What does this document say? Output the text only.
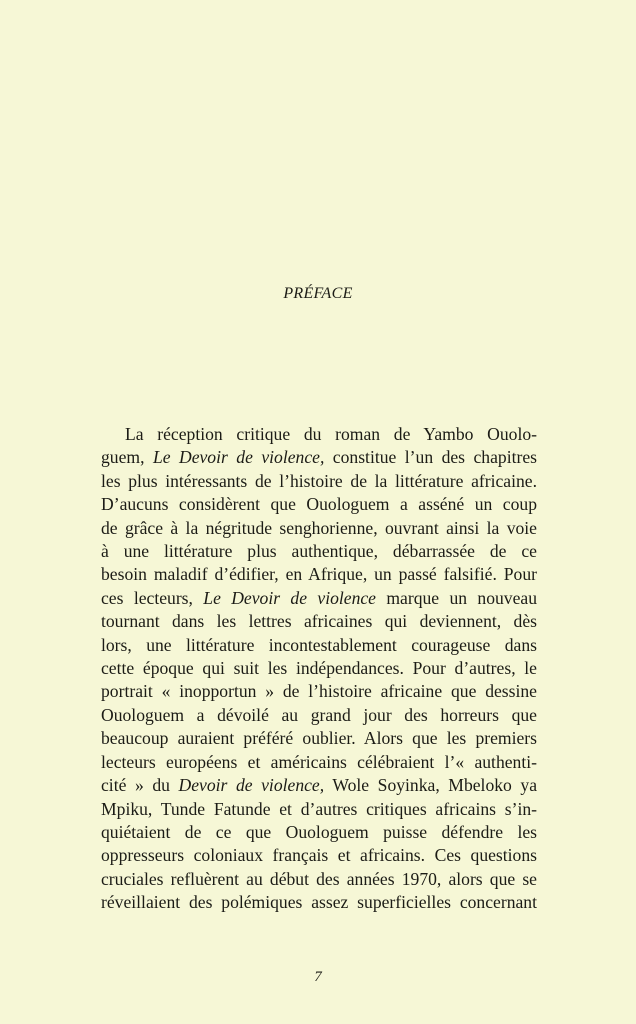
PRÉFACE
La réception critique du roman de Yambo Ouolo-
guem, Le Devoir de violence, constitue l’un des chapitres
les plus intéressants de l’histoire de la littérature africaine.
D’aucuns considèrent que Ouologuem a asséné un coup
de grâce à la négritude senghorienne, ouvrant ainsi la voie
à une littérature plus authentique, débarrassée de ce
besoin maladif d’édifier, en Afrique, un passé falsifié. Pour
ces lecteurs, Le Devoir de violence marque un nouveau
tournant dans les lettres africaines qui deviennent, dès
lors, une littérature incontestablement courageuse dans
cette époque qui suit les indépendances. Pour d’autres, le
portrait « inopportun » de l’histoire africaine que dessine
Ouologuem a dévoilé au grand jour des horreurs que
beaucoup auraient préféré oublier. Alors que les premiers
lecteurs européens et américains célébraient l’« authenti-
cité » du Devoir de violence, Wole Soyinka, Mbeloko ya
Mpiku, Tunde Fatunde et d’autres critiques africains s’in-
quiétaient de ce que Ouologuem puisse défendre les
oppresseurs coloniaux français et africains. Ces questions
cruciales refluèrent au début des années 1970, alors que se
réveillaient des polémiques assez superficielles concernant
7
